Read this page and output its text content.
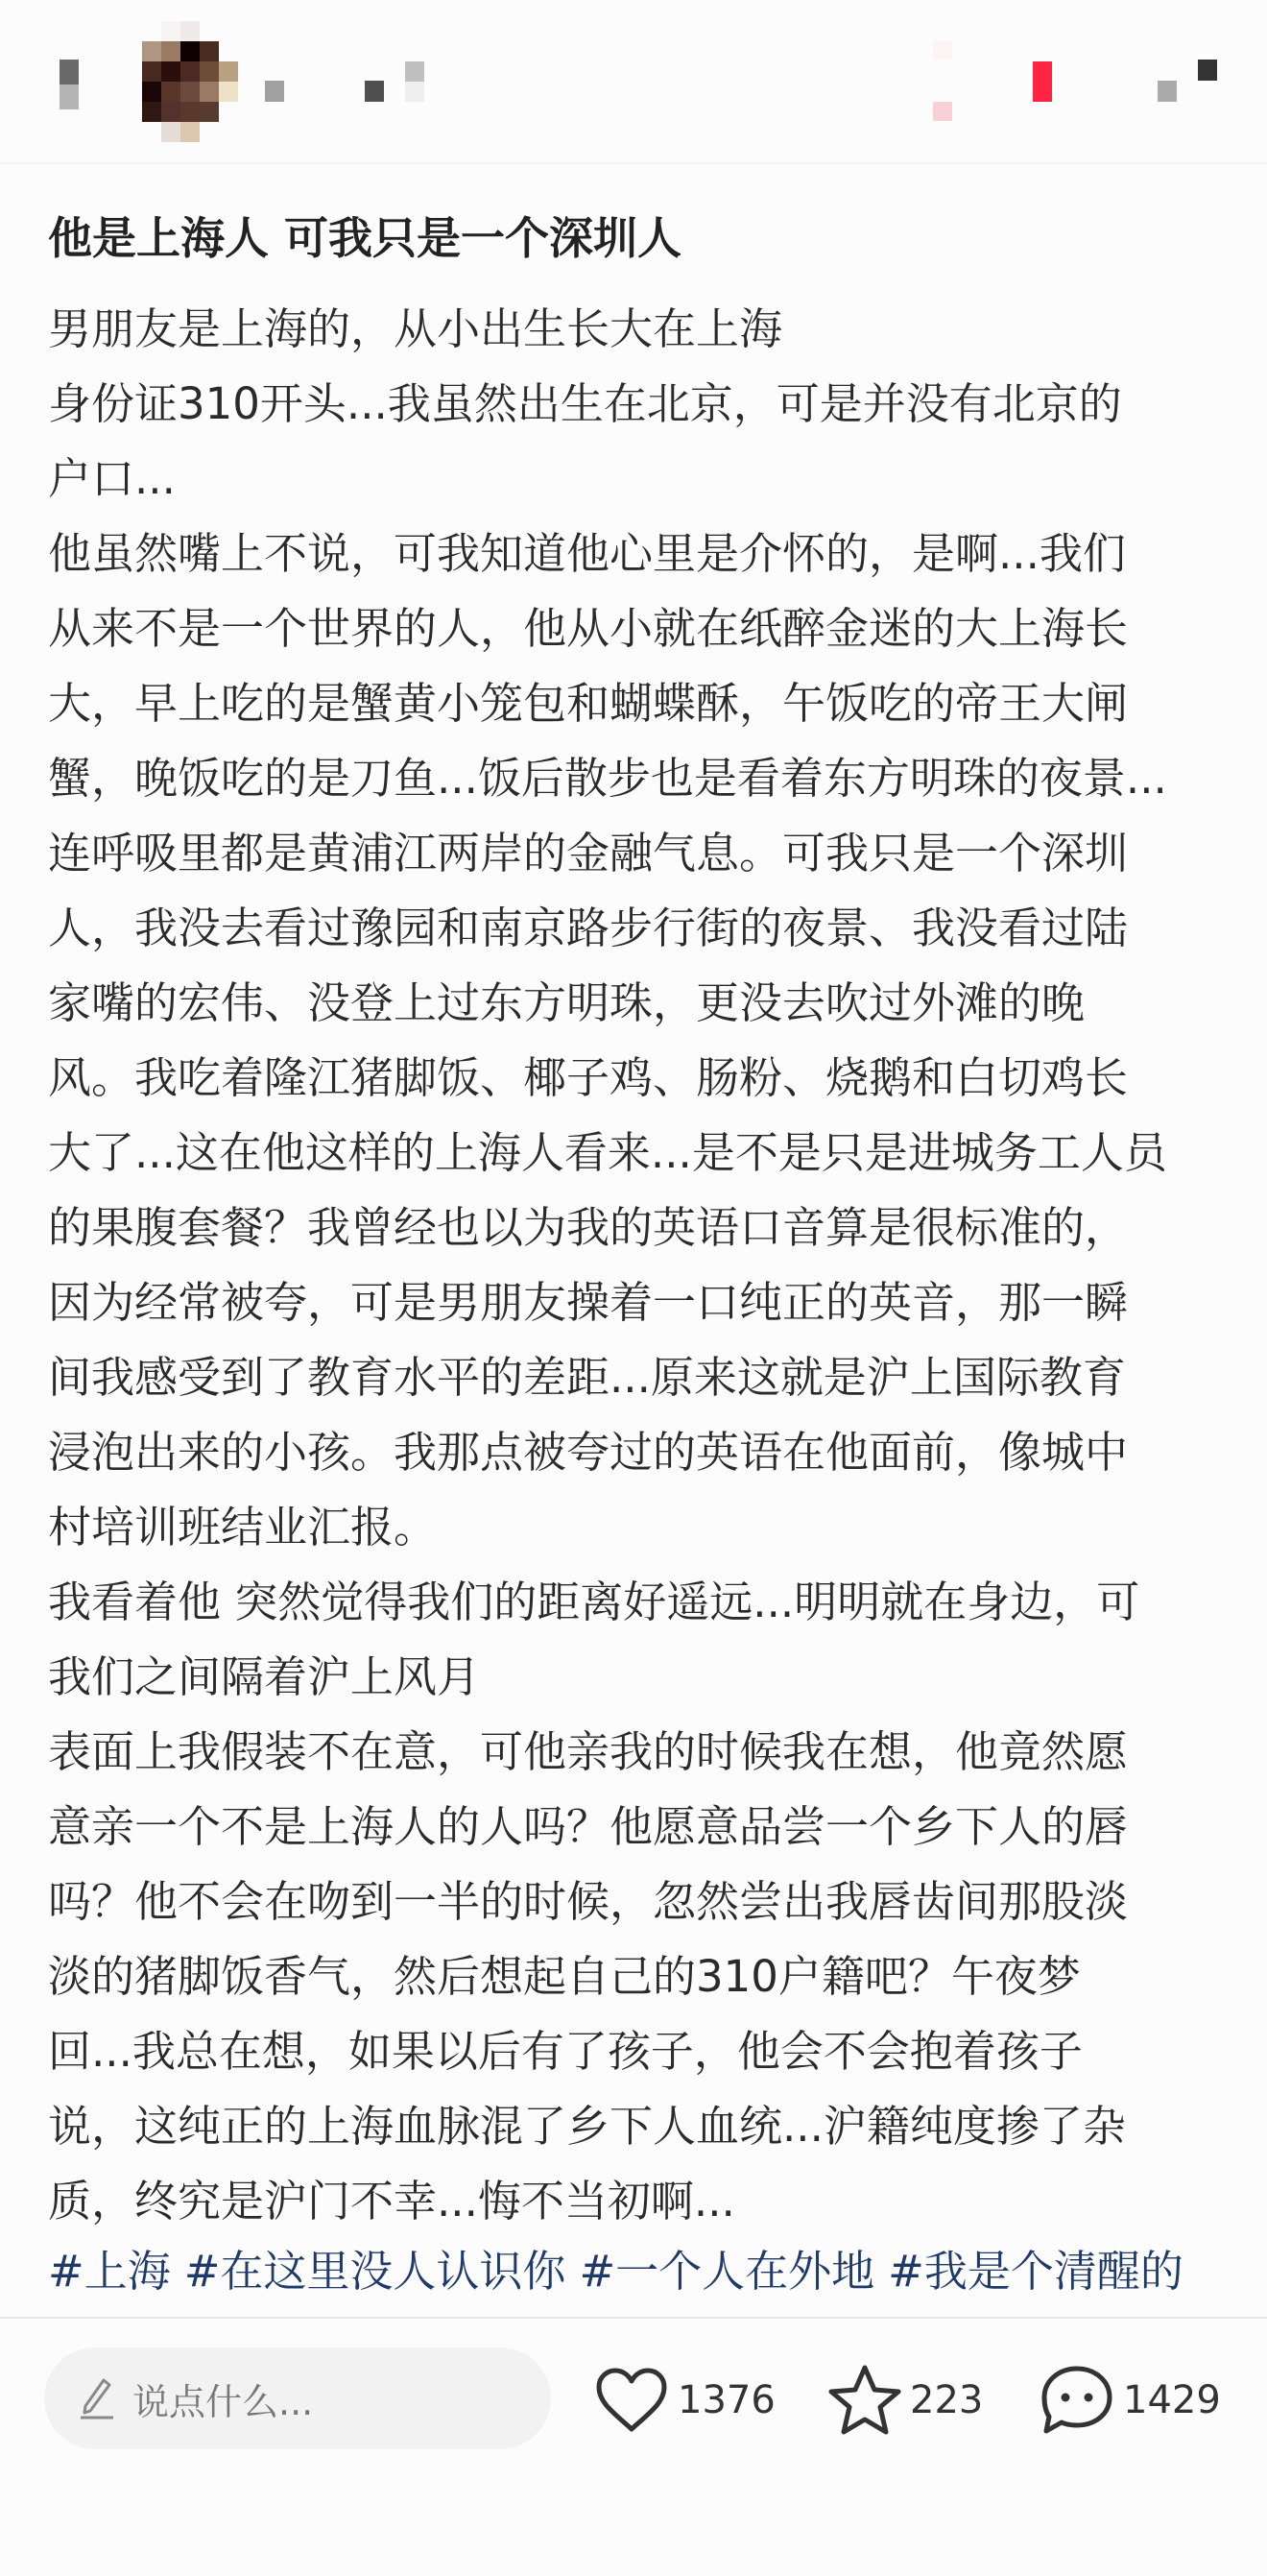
他是上海人 可我只是一个深圳人
男朋友是上海的，从小出生长大在上海
身份证310开头...我虽然出生在北京，可是并没有北京的
户口...
他虽然嘴上不说，可我知道他心里是介怀的，是啊...我们
从来不是一个世界的人，他从小就在纸醉金迷的大上海长
大，早上吃的是蟹黄小笼包和蝴蝶酥，午饭吃的帝王大闸
蟹，晚饭吃的是刀鱼...饭后散步也是看着东方明珠的夜景...
连呼吸里都是黄浦江两岸的金融气息。可我只是一个深圳
人，我没去看过豫园和南京路步行街的夜景、我没看过陆
家嘴的宏伟、没登上过东方明珠，更没去吹过外滩的晚
风。我吃着隆江猪脚饭、椰子鸡、肠粉、烧鹅和白切鸡长
大了...这在他这样的上海人看来...是不是只是进城务工人员
的果腹套餐？我曾经也以为我的英语口音算是很标准的，
因为经常被夸，可是男朋友操着一口纯正的英音，那一瞬
间我感受到了教育水平的差距...原来这就是沪上国际教育
浸泡出来的小孩。我那点被夸过的英语在他面前，像城中
村培训班结业汇报。
我看着他 突然觉得我们的距离好遥远...明明就在身边，可
我们之间隔着沪上风月
表面上我假装不在意，可他亲我的时候我在想，他竟然愿
意亲一个不是上海人的人吗？他愿意品尝一个乡下人的唇
吗？他不会在吻到一半的时候，忽然尝出我唇齿间那股淡
淡的猪脚饭香气，然后想起自己的310户籍吧？午夜梦
回...我总在想，如果以后有了孩子，他会不会抱着孩子
说，这纯正的上海血脉混了乡下人血统...沪籍纯度掺了杂
质，终究是沪门不幸...悔不当初啊...
#上海 #在这里没人认识你 #一个人在外地 #我是个清醒的
说点什么...	1376	223	1429
